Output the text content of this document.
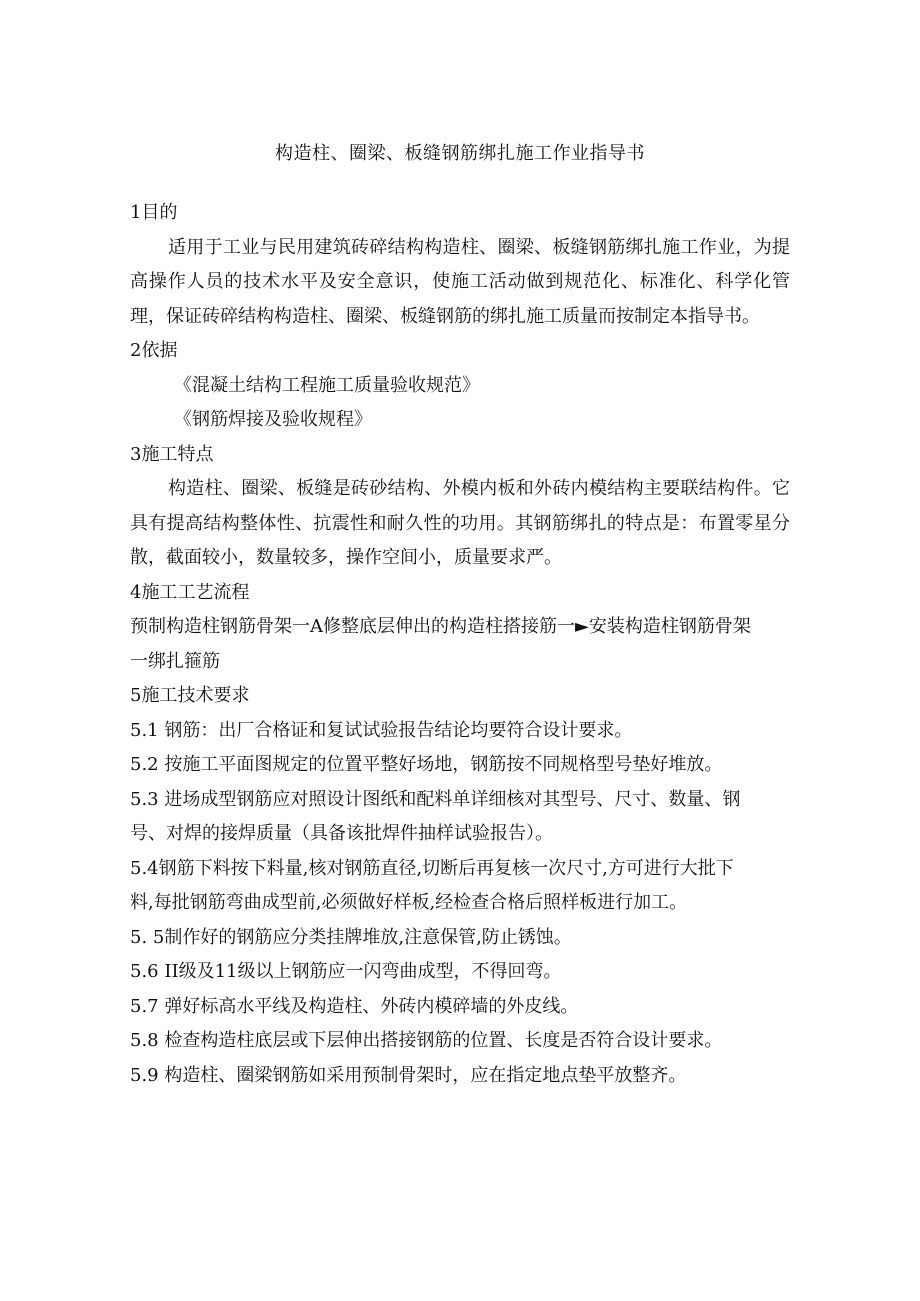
构造柱、圈梁、板缝钢筋绑扎施工作业指导书
1目的
适用于工业与民用建筑砖碎结构构造柱、圈梁、板缝钢筋绑扎施工作业，为提高操作人员的技术水平及安全意识，使施工活动做到规范化、标准化、科学化管理，保证砖碎结构构造柱、圈梁、板缝钢筋的绑扎施工质量而按制定本指导书。
2依据
《混凝土结构工程施工质量验收规范》
《钢筋焊接及验收规程》
3施工特点
构造柱、圈梁、板缝是砖砂结构、外模内板和外砖内模结构主要联结构件。它具有提高结构整体性、抗震性和耐久性的功用。其钢筋绑扎的特点是：布置零星分散，截面较小，数量较多，操作空间小，质量要求严。
4施工工艺流程
预制构造柱钢筋骨架一A修整底层伸出的构造柱搭接筋一►安装构造柱钢筋骨架
一绑扎箍筋
5施工技术要求
5.1 钢筋：出厂合格证和复试试验报告结论均要符合设计要求。
5.2 按施工平面图规定的位置平整好场地，钢筋按不同规格型号垫好堆放。
5.3 进场成型钢筋应对照设计图纸和配料单详细核对其型号、尺寸、数量、钢
号、对焊的接焊质量（具备该批焊件抽样试验报告）。
5.4钢筋下料按下料量,核对钢筋直径,切断后再复核一次尺寸,方可进行大批下
料,每批钢筋弯曲成型前,必须做好样板,经检查合格后照样板进行加工。
5. 5制作好的钢筋应分类挂牌堆放,注意保管,防止锈蚀。
5.6 II级及11级以上钢筋应一闪弯曲成型，不得回弯。
5.7 弹好标高水平线及构造柱、外砖内模碎墙的外皮线。
5.8 检查构造柱底层或下层伸出搭接钢筋的位置、长度是否符合设计要求。
5.9 构造柱、圈梁钢筋如采用预制骨架时，应在指定地点垫平放整齐。
